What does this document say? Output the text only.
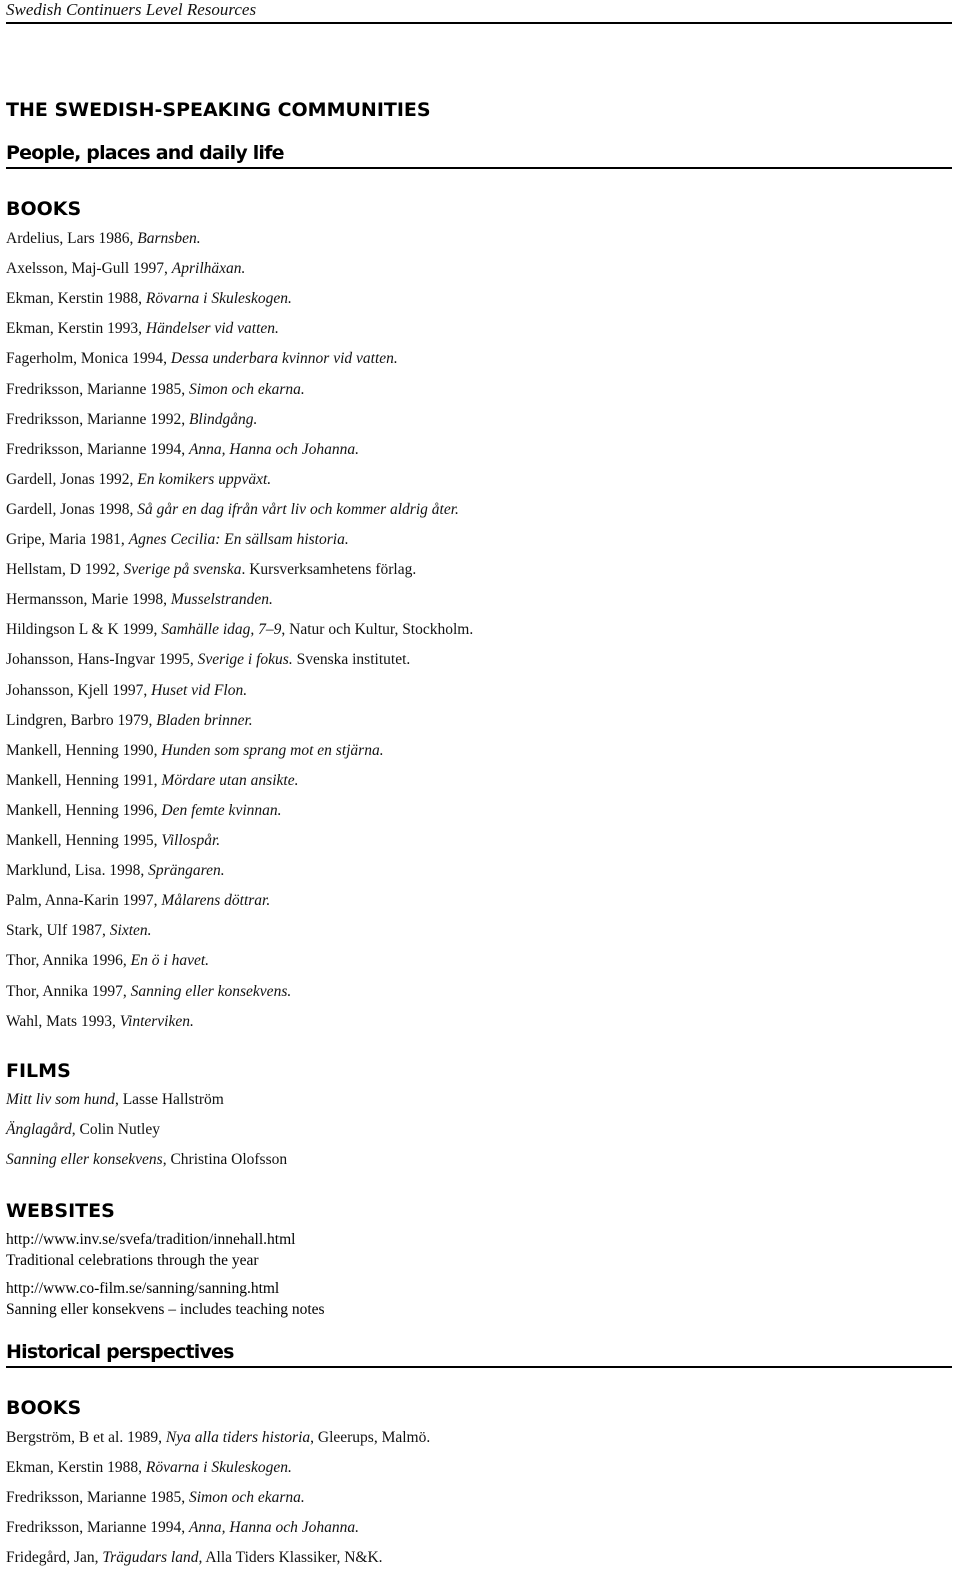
Swedish Continuers Level Resources
THE SWEDISH-SPEAKING COMMUNITIES
People, places and daily life
BOOKS
Ardelius, Lars 1986, Barnsben.
Axelsson, Maj-Gull 1997, Aprilhäxan.
Ekman, Kerstin 1988, Rövarna i Skuleskogen.
Ekman, Kerstin 1993, Händelser vid vatten.
Fagerholm, Monica 1994, Dessa underbara kvinnor vid vatten.
Fredriksson, Marianne 1985, Simon och ekarna.
Fredriksson, Marianne 1992, Blindgång.
Fredriksson, Marianne 1994, Anna, Hanna och Johanna.
Gardell, Jonas 1992, En komikers uppväxt.
Gardell, Jonas 1998, Så går en dag ifrån vårt liv och kommer aldrig åter.
Gripe, Maria 1981, Agnes Cecilia: En sällsam historia.
Hellstam, D 1992, Sverige på svenska. Kursverksamhetens förlag.
Hermansson, Marie 1998, Musselstranden.
Hildingson L & K 1999, Samhälle idag, 7–9, Natur och Kultur, Stockholm.
Johansson, Hans-Ingvar 1995, Sverige i fokus. Svenska institutet.
Johansson, Kjell 1997, Huset vid Flon.
Lindgren, Barbro 1979, Bladen brinner.
Mankell, Henning 1990, Hunden som sprang mot en stjärna.
Mankell, Henning 1991, Mördare utan ansikte.
Mankell, Henning 1996, Den femte kvinnan.
Mankell, Henning 1995, Villospår.
Marklund, Lisa. 1998, Sprängaren.
Palm, Anna-Karin 1997, Målarens döttrar.
Stark, Ulf 1987, Sixten.
Thor, Annika 1996, En ö i havet.
Thor, Annika 1997, Sanning eller konsekvens.
Wahl, Mats 1993, Vinterviken.
FILMS
Mitt liv som hund, Lasse Hallström
Änglagård, Colin Nutley
Sanning eller konsekvens, Christina Olofsson
WEBSITES
http://www.inv.se/svefa/tradition/innehall.html
Traditional celebrations through the year
http://www.co-film.se/sanning/sanning.html
Sanning eller konsekvens – includes teaching notes
Historical perspectives
BOOKS
Bergström, B et al. 1989, Nya alla tiders historia, Gleerups, Malmö.
Ekman, Kerstin 1988, Rövarna i Skuleskogen.
Fredriksson, Marianne 1985, Simon och ekarna.
Fredriksson, Marianne 1994, Anna, Hanna och Johanna.
Fridegård, Jan, Trägudars land, Alla Tiders Klassiker, N&K.
